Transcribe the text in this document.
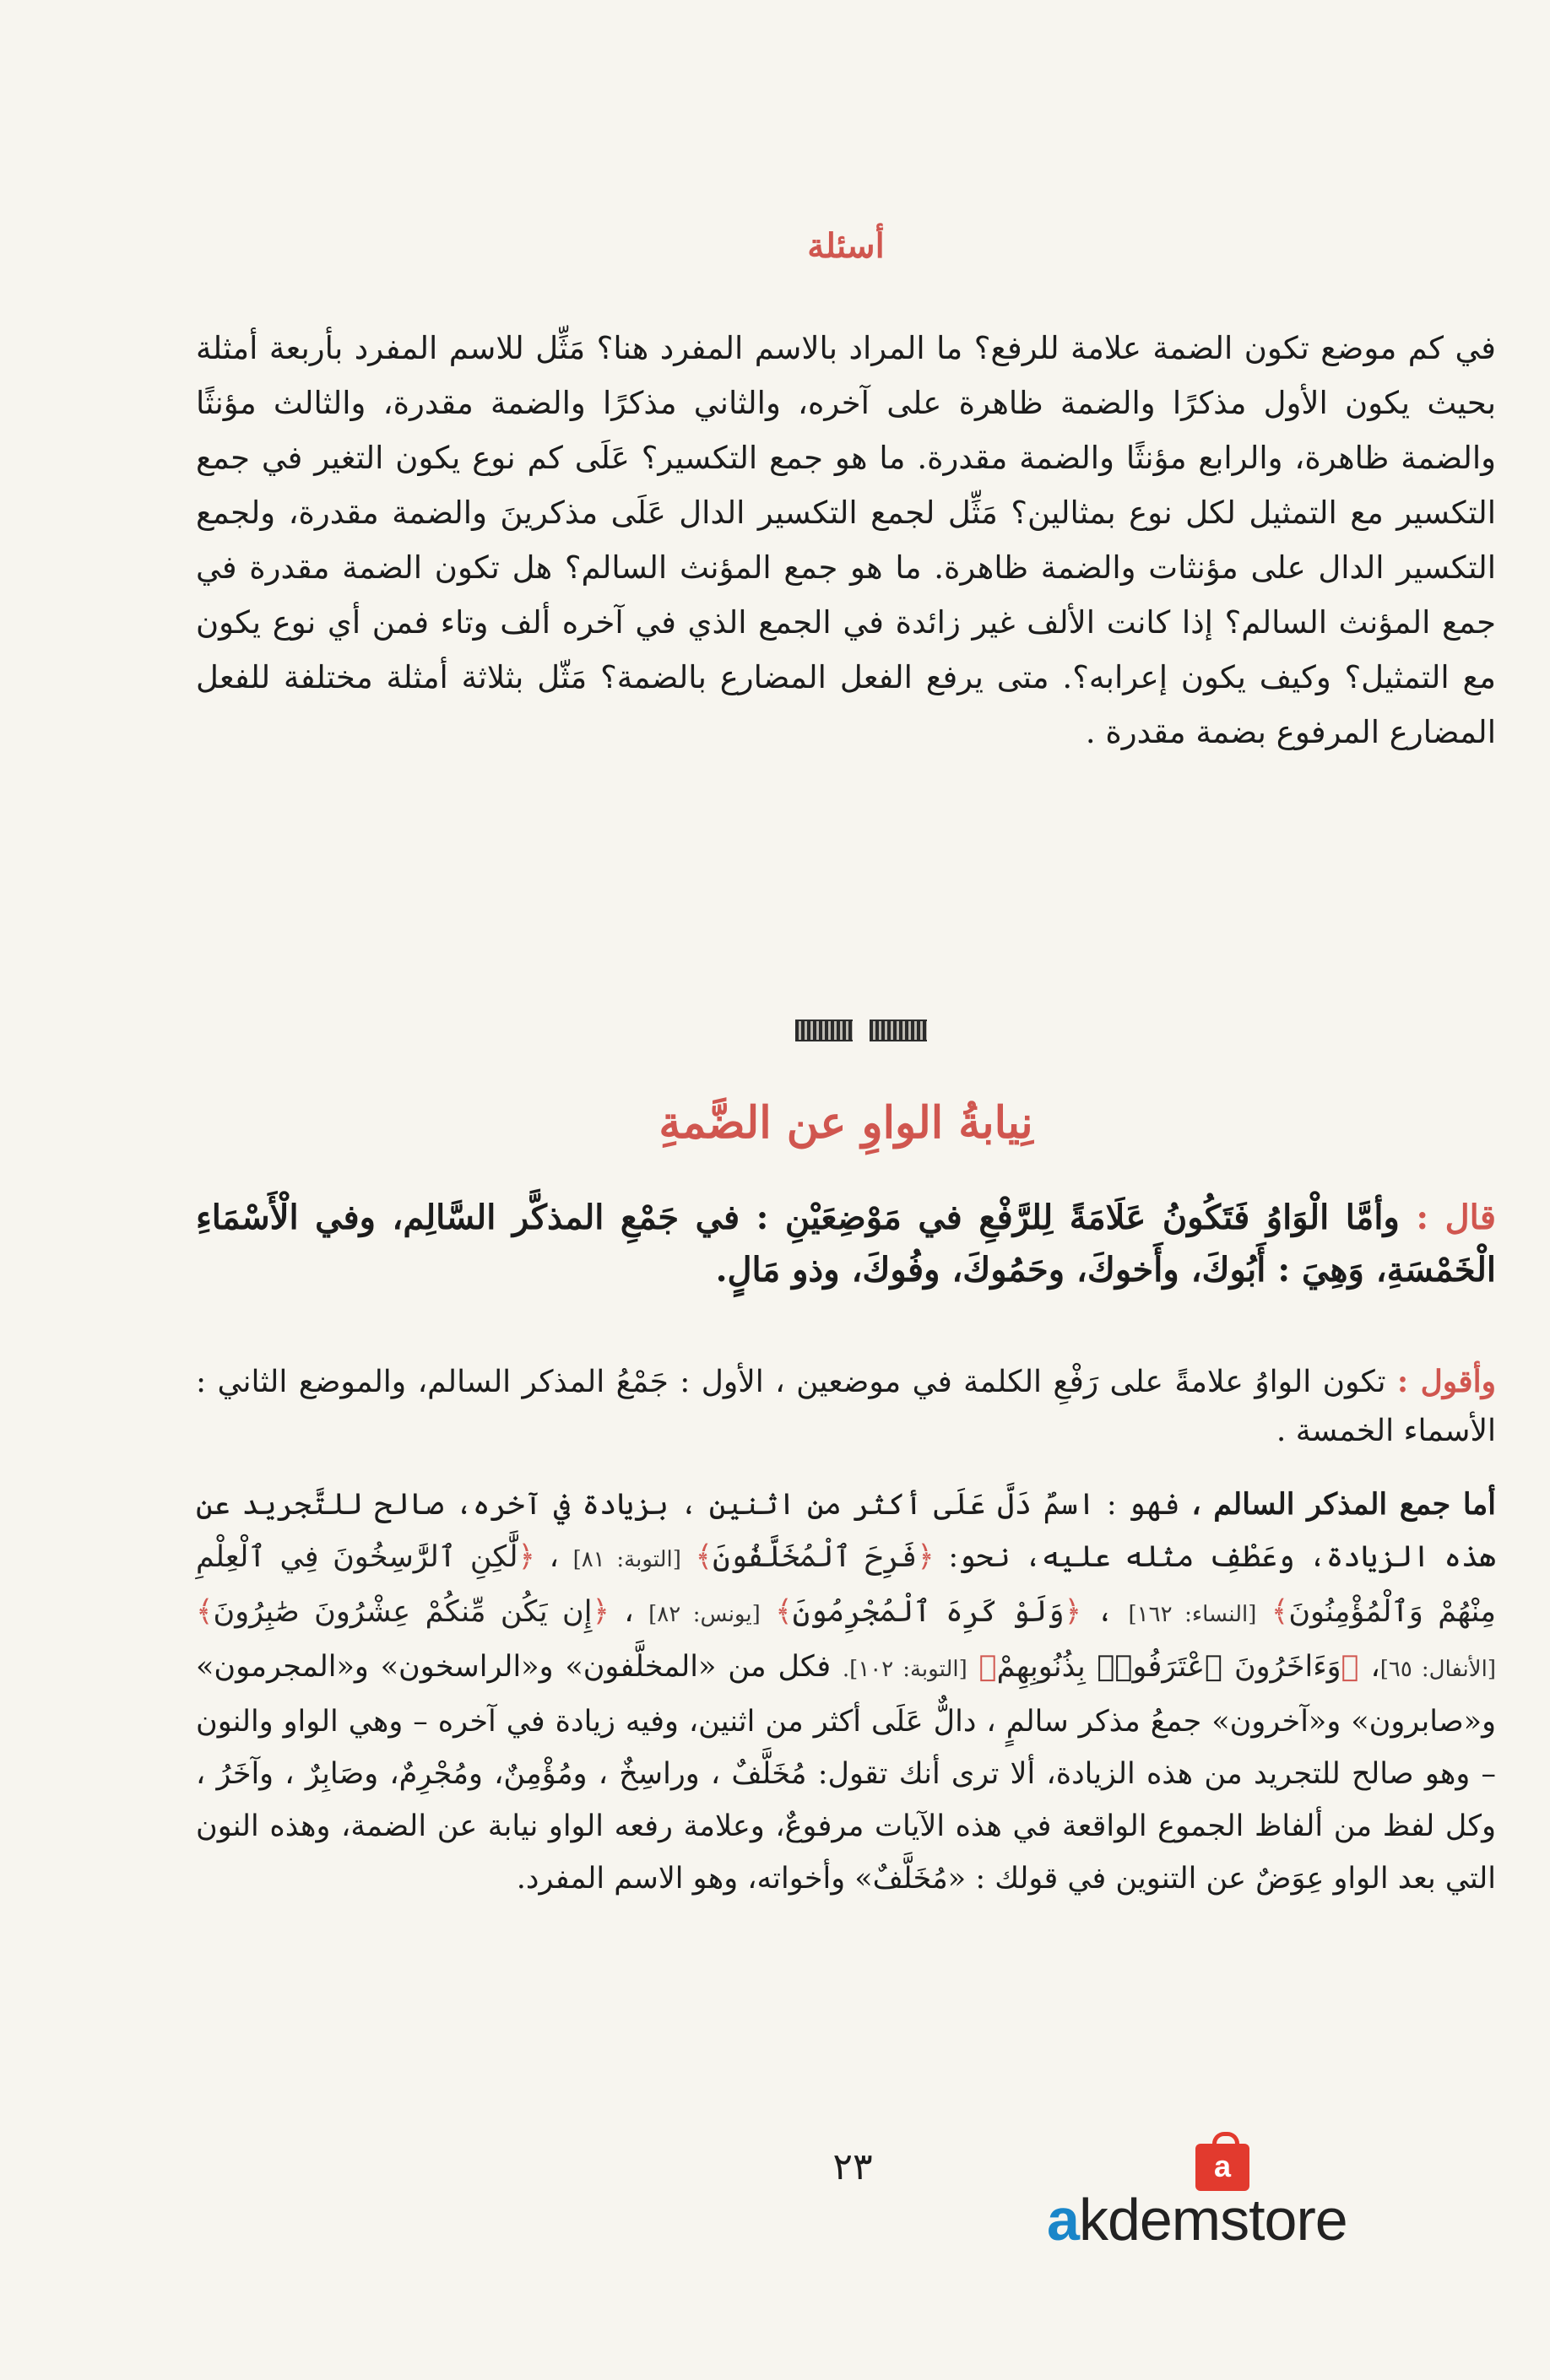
أسئلة
في كم موضع تكون الضمة علامة للرفع؟ ما المراد بالاسم المفرد هنا؟ مَثِّل للاسم المفرد بأربعة أمثلة بحيث يكون الأول مذكرًا والضمة ظاهرة على آخره، والثاني مذكرًا والضمة مقدرة، والثالث مؤنثًا والضمة ظاهرة، والرابع مؤنثًا والضمة مقدرة. ما هو جمع التكسير؟ عَلَى كم نوع يكون التغير في جمع التكسير مع التمثيل لكل نوع بمثالين؟ مَثِّل لجمع التكسير الدال عَلَى مذكرينَ والضمة مقدرة، ولجمع التكسير الدال على مؤنثات والضمة ظاهرة. ما هو جمع المؤنث السالم؟ هل تكون الضمة مقدرة في جمع المؤنث السالم؟ إذا كانت الألف غير زائدة في الجمع الذي في آخره ألف وتاء فمن أي نوع يكون مع التمثيل؟ وكيف يكون إعرابه؟. متى يرفع الفعل المضارع بالضمة؟ مَثّل بثلاثة أمثلة مختلفة للفعل المضارع المرفوع بضمة مقدرة .
نِيابةُ الواوِ عن الضَّمةِ
قال : وأمَّا الْوَاوُ فَتَكُونُ عَلَامَةً لِلرَّفْعِ في مَوْضِعَيْنِ : في جَمْعِ المذكَّر السَّالِم، وفي الْأَسْمَاءِ الْخَمْسَةِ، وَهِيَ : أَبُوكَ، وأَخوكَ، وحَمُوكَ، وفُوكَ، وذو مَالٍ.
وأقول : تكون الواوُ علامةً على رَفْعِ الكلمة في موضعين ، الأول : جَمْعُ المذكر السالم، والموضع الثاني : الأسماء الخمسة .
أما جمع المذكر السالم ، فهو : اسمٌ دَلَّ عَلَى أكثر من اثنين ، بزيادة في آخره، صالح للتَّجريد عن هذه الزيادة، وعَطْفِ مثله عليه، نحو: ﴿فَرِحَ ٱلْمُخَلَّفُونَ﴾ [التوبة: ٨١] ، ﴿لَّٰكِنِ ٱلرَّٰسِخُونَ فِي ٱلْعِلْمِ مِنْهُمْ وَٱلْمُؤْمِنُونَ﴾ [النساء: ١٦٢] ، ﴿وَلَوْ كَرِهَ ٱلْمُجْرِمُونَ﴾ [يونس: ٨٢] ، ﴿إِن يَكُن مِّنكُمْ عِشْرُونَ صَٰبِرُونَ﴾ [الأنفال: ٦٥]، ﴿وَءَاخَرُونَ ٱعْتَرَفُوا۟ بِذُنُوبِهِمْ﴾ [التوبة: ١٠٢]. فكل من «المخلَّفون» و«الراسخون» و«المجرمون» و«صابرون» و«آخرون» جمعُ مذكر سالمٍ ، دالٌّ عَلَى أكثر من اثنين، وفيه زيادة في آخره – وهي الواو والنون – وهو صالح للتجريد من هذه الزيادة، ألا ترى أنك تقول: مُخَلَّفٌ ، وراسِخٌ ، ومُؤْمِنٌ، ومُجْرِمٌ، وصَابِرٌ ، وآخَرُ ، وكل لفظ من ألفاظ الجموع الواقعة في هذه الآيات مرفوعٌ، وعلامة رفعه الواو نيابة عن الضمة، وهذه النون التي بعد الواو عِوَضٌ عن التنوين في قولك : «مُخَلَّفٌ» وأخواته، وهو الاسم المفرد.
٢٣	a
akdemstore
